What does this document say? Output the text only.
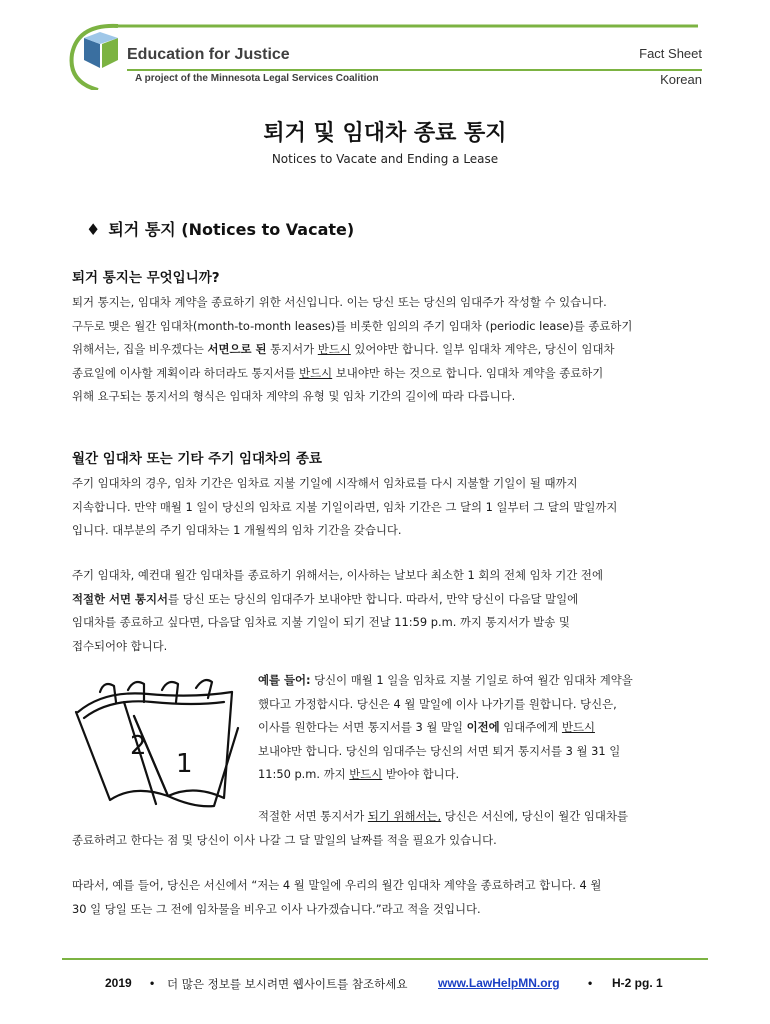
Education for Justice
A project of the Minnesota Legal Services Coalition
Fact Sheet
Korean
퇴거 및 임대차 종료 통지
Notices to Vacate and Ending a Lease
♦ 퇴거 통지 (Notices to Vacate)
퇴거 통지는 무엇입니까?
퇴거 통지는, 임대차 계약을 종료하기 위한 서신입니다. 이는 당신 또는 당신의 임대주가 작성할 수 있습니다.
구두로 맺은 월간 임대차(month-to-month leases)를 비롯한 임의의 주기 임대차 (periodic lease)를 종료하기
위해서는, 집을 비우겠다는 서면으로 된 통지서가 반드시 있어야만 합니다. 일부 임대차 계약은, 당신이 임대차
종료일에 이사할 계획이라 하더라도 통지서를 반드시 보내야만 하는 것으로 합니다. 임대차 계약을 종료하기
위해 요구되는 통지서의 형식은 임대차 계약의 유형 및 임차 기간의 길이에 따라 다릅니다.
월간 임대차 또는 기타 주기 임대차의 종료
주기 임대차의 경우, 임차 기간은 임차료 지불 기일에 시작해서 임차료를 다시 지불할 기일이 될 때까지
지속합니다. 만약 매월 1 일이 당신의 임차료 지불 기일이라면, 임차 기간은 그 달의 1 일부터 그 달의 말일까지
입니다. 대부분의 주기 임대차는 1 개월씩의 임차 기간을 갖습니다.
주기 임대차, 예컨대 월간 임대차를 종료하기 위해서는, 이사하는 날보다 최소한 1 회의 전체 임차 기간 전에
적절한 서면 통지서를 당신 또는 당신의 임대주가 보내야만 합니다. 따라서, 만약 당신이 다음달 말일에
임대차를 종료하고 싶다면, 다음달 임차료 지불 기일이 되기 전날 11:59 p.m. 까지 통지서가 발송 및
접수되어야 합니다.
2
1
예를 들어: 당신이 매월 1 일을 임차료 지불 기일로 하여 월간 임대차 계약을
했다고 가정합시다. 당신은 4 월 말일에 이사 나가기를 원합니다. 당신은,
이사를 원한다는 서면 통지서를 3 월 말일 이전에 임대주에게 반드시
보내야만 합니다. 당신의 임대주는 당신의 서면 퇴거 통지서를 3 월 31 일
11:50 p.m. 까지 반드시 받아야 합니다.
적절한 서면 통지서가 되기 위해서는, 당신은 서신에, 당신이 월간 임대차를
종료하려고 한다는 점 및 당신이 이사 나갈 그 달 말일의 날짜를 적을 필요가 있습니다.
따라서, 예를 들어, 당신은 서신에서 “저는 4 월 말일에 우리의 월간 임대차 계약을 종료하려고 합니다. 4 월
30 일 당일 또는 그 전에 임차물을 비우고 이사 나가겠습니다.”라고 적을 것입니다.
2019 • 더 많은 정보를 보시려면 웹사이트를 참조하세요	www.LawHelpMN.org • H-2 pg. 1
